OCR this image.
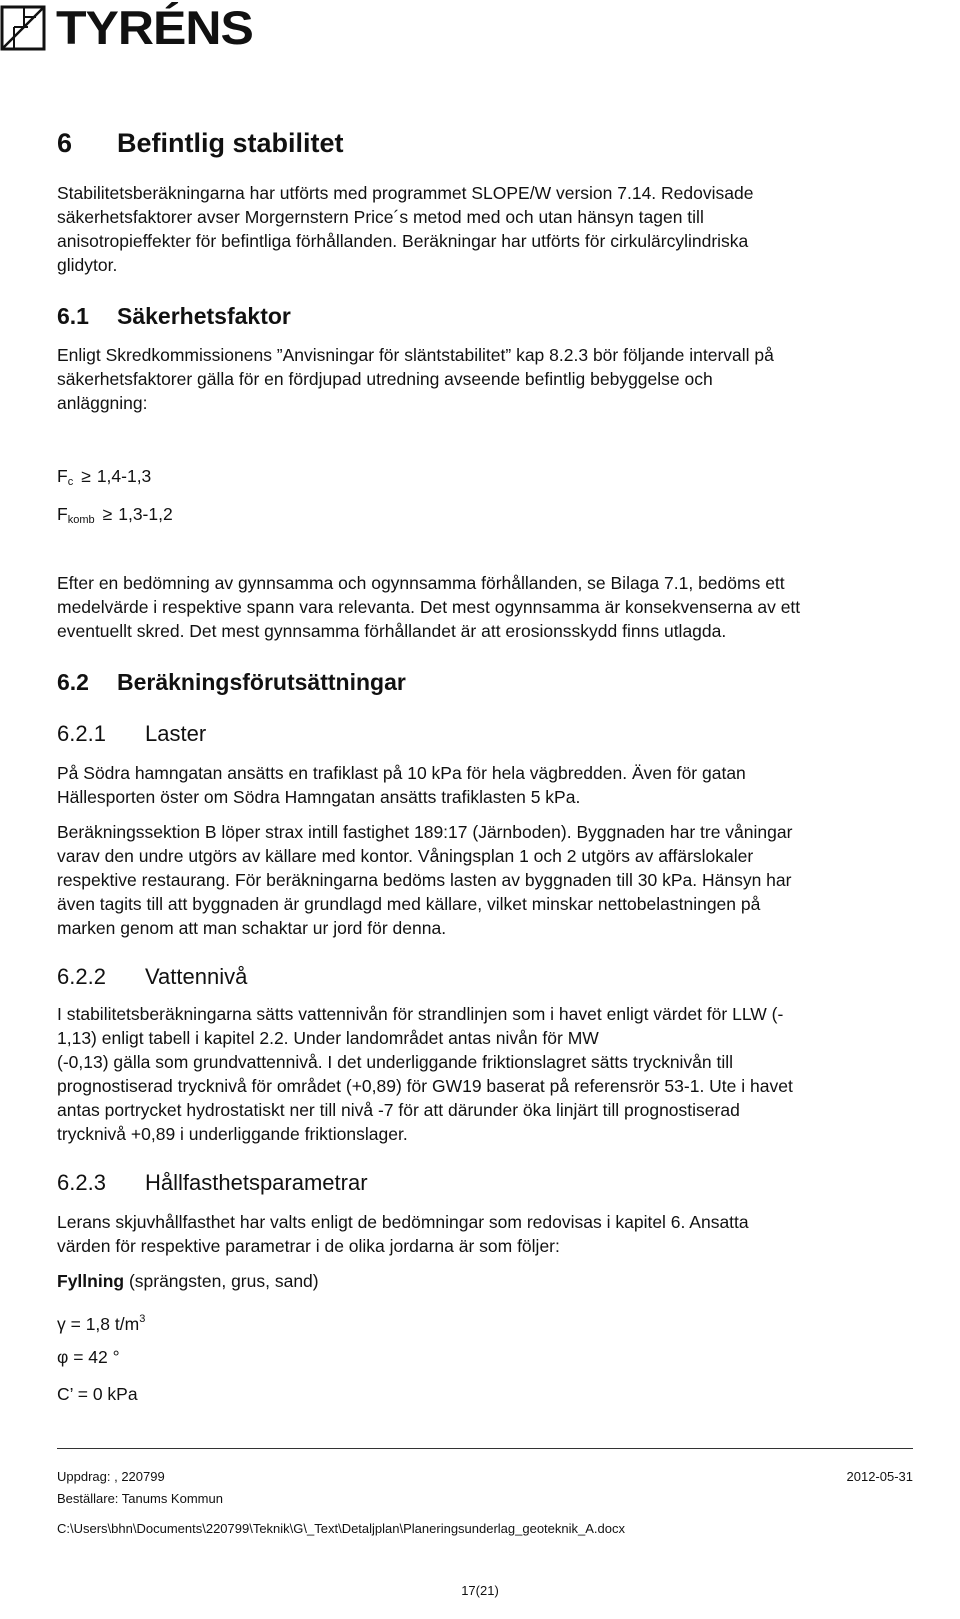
TYRÉNS
6	Befintlig stabilitet

Stabilitetsberäkningarna har utförts med programmet SLOPE/W version 7.14. Redovisade

säkerhetsfaktorer avser Morgernstern Price´s metod med och utan hänsyn tagen till

anisotropieffekter för befintliga förhållanden. Beräkningar har utförts för cirkulärcylindriska

glidytor.

6.1	Säkerhetsfaktor

Enligt Skredkommissionens ”Anvisningar för släntstabilitet” kap 8.2.3 bör följande intervall på

säkerhetsfaktorer gälla för en fördjupad utredning avseende befintlig bebyggelse och

anläggning:

$F_c \ge 1,4-1,3$
$F_{komb} \ge 1,3-1,2$

Efter en bedömning av gynnsamma och ogynnsamma förhållanden, se Bilaga 7.1, bedöms ett

medelvärde i respektive spann vara relevanta. Det mest ogynnsamma är konsekvenserna av ett

eventuellt skred. Det mest gynnsamma förhållandet är att erosionsskydd finns utlagda.

6.2	Beräkningsförutsättningar
6.2.1	Laster

På Södra hamngatan ansätts en trafiklast på 10 kPa för hela vägbredden. Även för gatan

Hällesporten öster om Södra Hamngatan ansätts trafiklasten 5 kPa.

Beräkningssektion B löper strax intill fastighet 189:17 (Järnboden). Byggnaden har tre våningar

varav den undre utgörs av källare med kontor. Våningsplan 1 och 2 utgörs av affärslokaler

respektive restaurang. För beräkningarna bedöms lasten av byggnaden till 30 kPa. Hänsyn har

även tagits till att byggnaden är grundlagd med källare, vilket minskar nettobelastningen på

marken genom att man schaktar ur jord för denna.

6.2.2	Vattennivå

I stabilitetsberäkningarna sätts vattennivån för strandlinjen som i havet enligt värdet för LLW (-

1,13) enligt tabell i kapitel 2.2. Under landområdet antas nivån för MW

(-0,13) gälla som grundvattennivå. I det underliggande friktionslagret sätts trycknivån till

prognostiserad trycknivå för området (+0,89) för GW19 baserat på referensrör 53-1. Ute i havet

antas portrycket hydrostatiskt ner till nivå -7 för att därunder öka linjärt till prognostiserad

trycknivå +0,89 i underliggande friktionslager.

6.2.3	Hållfasthetsparametrar

Lerans skjuvhållfasthet har valts enligt de bedömningar som redovisas i kapitel 6. Ansatta

värden för respektive parametrar i de olika jordarna är som följer:

Fyllning (sprängsten, grus, sand)

γ = 1,8 $t/m^3$
φ = 42 °
C’ = 0 kPa
Uppdrag: , 220799	2012-05-31
Beställare: Tanums Kommun
C:\Users\bhn\Documents\220799\Teknik\G\_Text\Detaljplan\Planeringsunderlag_geoteknik_A.docx
17(21)
